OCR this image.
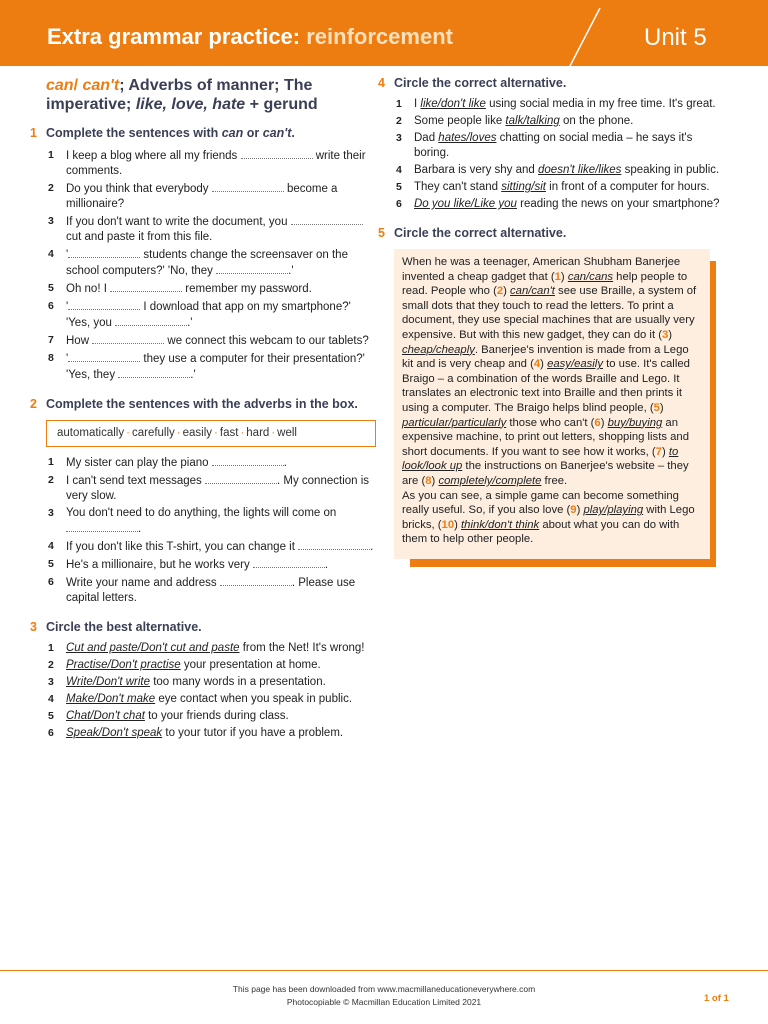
Extra grammar practice: reinforcement	Unit 5
can/ can't; Adverbs of manner; The imperative; like, love, hate + gerund
1 Complete the sentences with can or can't.
1 I keep a blog where all my friends	write their comments.
2 Do you think that everybody	become a millionaire?
3 If you don't want to write the document, you  cut and paste it from this file.
4 '	students change the screensaver on the school computers?' 'No, they	.'
5 Oh no! I	remember my password.
6 '	I download that app on my smartphone?' 'Yes, you	.'
7 How	we connect this webcam to our tablets?
8 '	they use a computer for their presentation?' 'Yes, they	.'
2 Complete the sentences with the adverbs in the box.
automatically · carefully · easily · fast · hard · well
1 My sister can play the piano	.
2 I can't send text messages	. My connection is very slow.
3 You don't need to do anything, the lights will come on .
4 If you don't like this T-shirt, you can change it	.
5 He's a millionaire, but he works very	.
6 Write your name and address	. Please use capital letters.
3 Circle the best alternative.
1 Cut and paste/Don't cut and paste from the Net! It's wrong!
2 Practise/Don't practise your presentation at home.
3 Write/Don't write too many words in a presentation.
4 Make/Don't make eye contact when you speak in public.
5 Chat/Don't chat to your friends during class.
6 Speak/Don't speak to your tutor if you have a problem.
4 Circle the correct alternative.
1 I like/don't like using social media in my free time. It's great.
2 Some people like talk/talking on the phone.
3 Dad hates/loves chatting on social media – he says it's boring.
4 Barbara is very shy and doesn't like/likes speaking in public.
5 They can't stand sitting/sit in front of a computer for hours.
6 Do you like/Like you reading the news on your smartphone?
5 Circle the correct alternative.
When he was a teenager, American Shubham Banerjee invented a cheap gadget that (1) can/cans help people to read. People who (2) can/can't see use Braille, a system of small dots that they touch to read the letters. To print a document, they use special machines that are usually very expensive. But with this new gadget, they can do it (3) cheap/cheaply. Banerjee's invention is made from a Lego kit and is very cheap and (4) easy/easily to use. It's called Braigo – a combination of the words Braille and Lego. It translates an electronic text into Braille and then prints it using a computer. The Braigo helps blind people, (5) particular/particularly those who can't (6) buy/buying an expensive machine, to print out letters, shopping lists and short documents. If you want to see how it works, (7) to look/look up the instructions on Banerjee's website – they are (8) completely/complete free.
As you can see, a simple game can become something really useful. So, if you also love (9) play/playing with Lego bricks, (10) think/don't think about what you can do with them to help other people.
This page has been downloaded from www.macmillaneducationeverywhere.com
Photocopiable © Macmillan Education Limited 2021	1 of 1
